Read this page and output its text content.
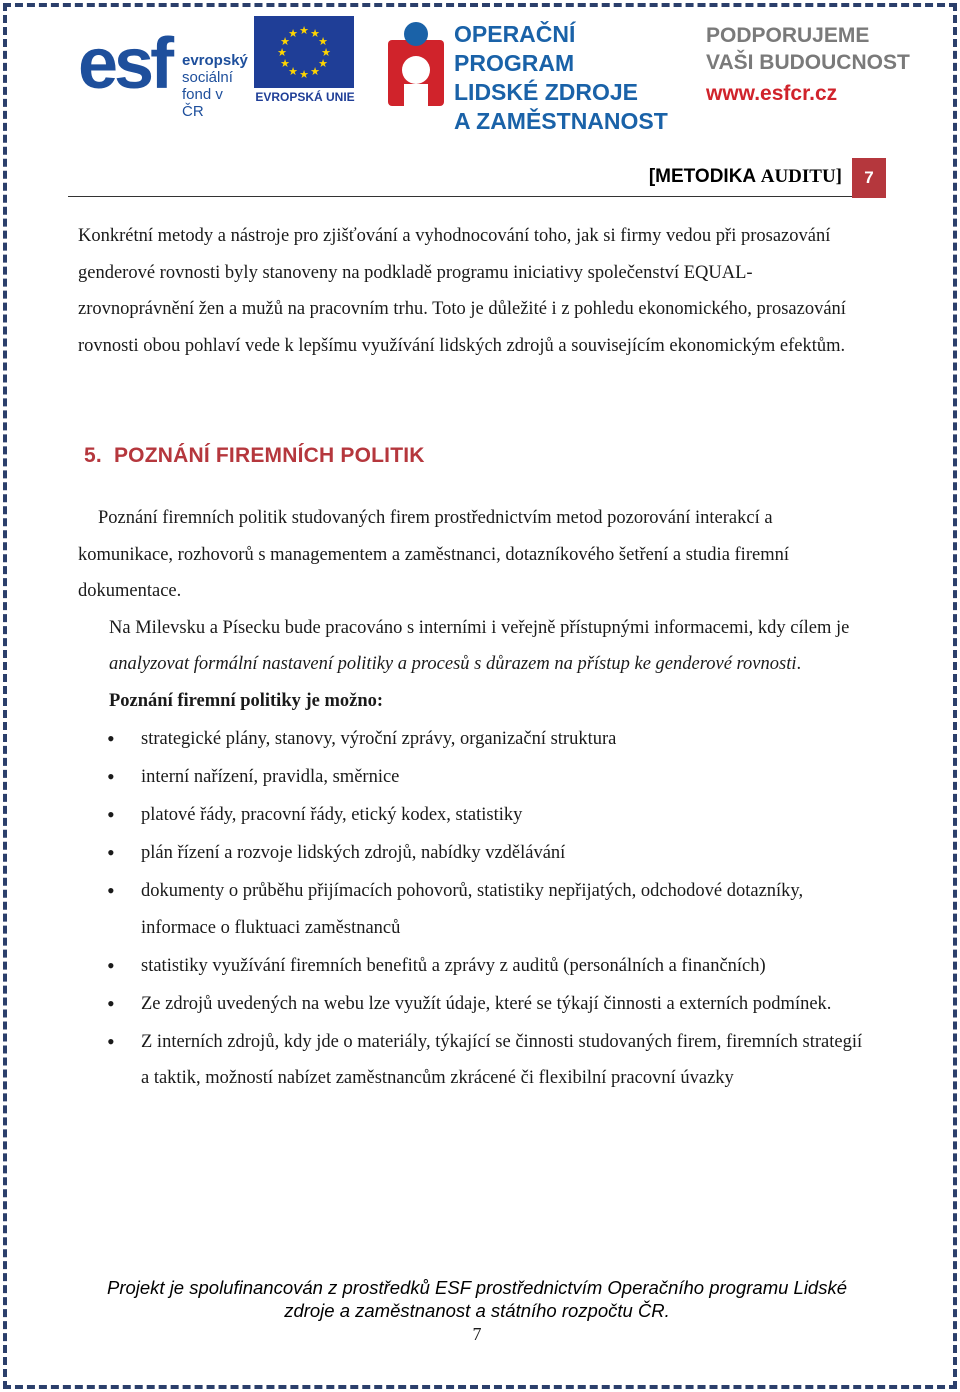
esf evropský
sociální
fond v ČR
★ ★
★
★
★
★
★
★
★
★
★
★
EVROPSKÁ UNIE
OPERAČNÍ PROGRAM
LIDSKÉ ZDROJE
A ZAMĚSTNANOST
PODPORUJEME
VAŠI BUDOUCNOST
www.esfcr.cz
[METODIKA AUDITU]	7

Konkrétní metody a nástroje pro zjišťování a vyhodnocování toho, jak si firmy vedou při prosazování genderové rovnosti byly stanoveny na podkladě programu iniciativy společenství EQUAL-zrovnoprávnění žen a mužů na pracovním trhu. Toto je důležité i z pohledu ekonomického, prosazování rovnosti obou pohlaví vede k lepšímu využívání lidských zdrojů a souvisejícím ekonomickým efektům.

5. POZNÁNÍ FIREMNÍCH POLITIK

Poznání firemních politik studovaných firem prostřednictvím metod pozorování interakcí a komunikace, rozhovorů s managementem a zaměstnanci, dotazníkového šetření a studia firemní dokumentace.

Na Milevsku a Písecku bude pracováno s interními i veřejně přístupnými informacemi, kdy cílem je analyzovat formální nastavení politiky a procesů s důrazem na přístup ke genderové rovnosti.

Poznání firemní politiky je možno:

• strategické plány, stanovy, výroční zprávy, organizační struktura
• interní nařízení, pravidla, směrnice
• platové řády, pracovní řády, etický kodex, statistiky
• plán řízení a rozvoje lidských zdrojů, nabídky vzdělávání
• dokumenty o průběhu přijímacích pohovorů, statistiky nepřijatých, odchodové dotazníky, informace o fluktuaci zaměstnanců
• statistiky využívání firemních benefitů a zprávy z auditů (personálních a finančních)
• Ze zdrojů uvedených na webu lze využít údaje, které se týkají činnosti a externích podmínek.
• Z interních zdrojů, kdy jde o materiály, týkající se činnosti studovaných firem, firemních strategií a taktik, možností nabízet zaměstnancům zkrácené či flexibilní pracovní úvazky
Projekt je spolufinancován z prostředků ESF prostřednictvím Operačního programu Lidské
zdroje a zaměstnanost a státního rozpočtu ČR.
7
